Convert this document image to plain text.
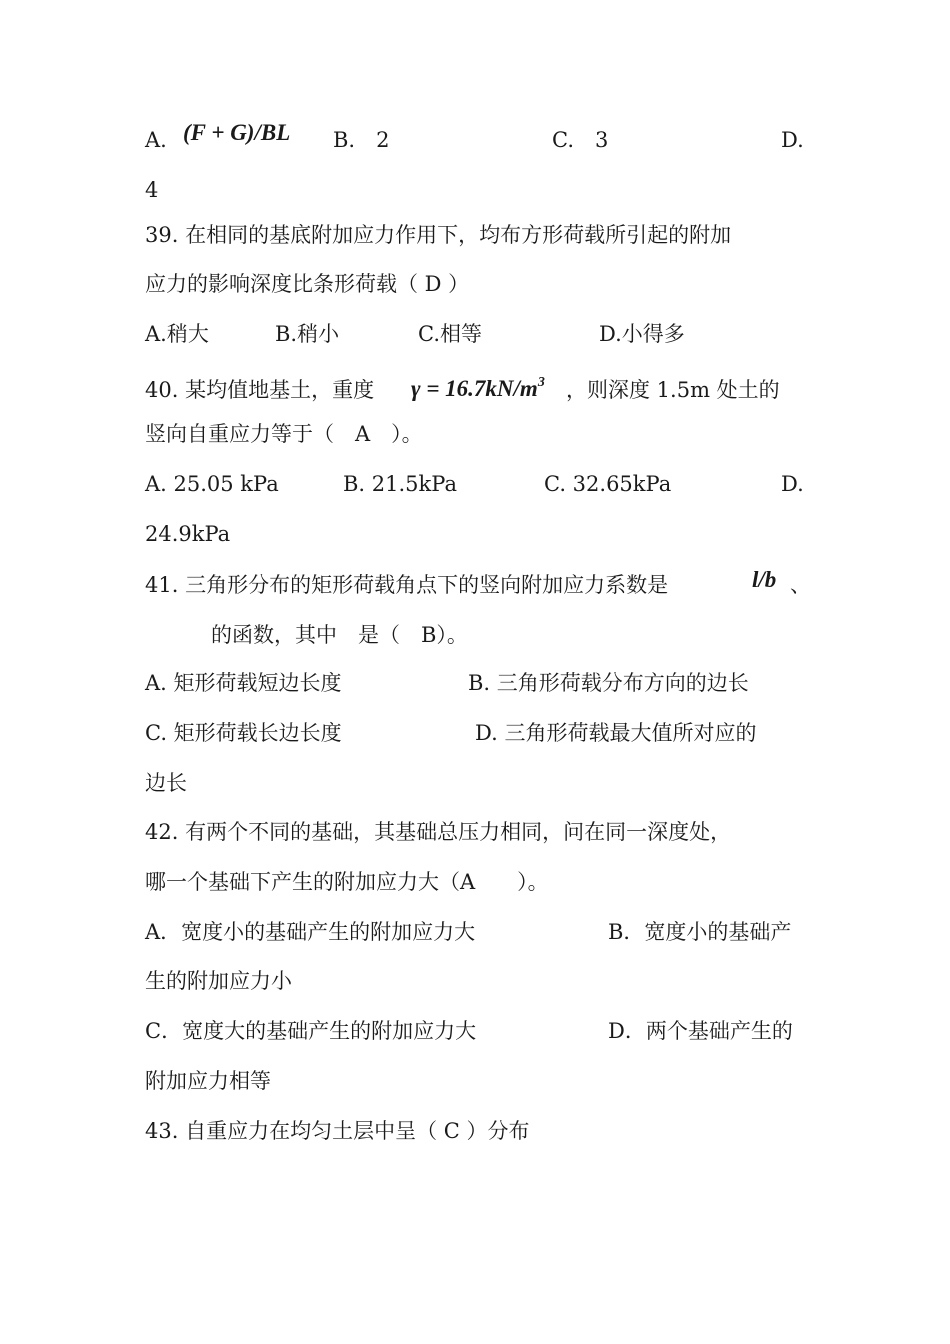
A. (F + G)/BL B.　2	C.　3	D.
4
39. 在相同的基底附加应力作用下，均布方形荷载所引起的附加
应力的影响深度比条形荷载（ D ）
A.稍大	B.稍小	C.相等	D.小得多
40. 某均值地基土，重度 $\gamma = 16.7kN/m^3$ ，则深度 1.5m 处土的
竖向自重应力等于（　A　）。
A. 25.05 kPa	B. 21.5kPa	C. 32.65kPa	D.
24.9kPa
41. 三角形分布的矩形荷载角点下的竖向附加应力系数是	l/b 、
的函数，其中　是（　B）。
A. 矩形荷载短边长度	B. 三角形荷载分布方向的边长
C. 矩形荷载长边长度	D. 三角形荷载最大值所对应的
边长
42. 有两个不同的基础，其基础总压力相同，问在同一深度处，
哪一个基础下产生的附加应力大（A　　）。
A．宽度小的基础产生的附加应力大	B．宽度小的基础产
生的附加应力小
C．宽度大的基础产生的附加应力大	D．两个基础产生的
附加应力相等
43. 自重应力在均匀土层中呈（ C ）分布
